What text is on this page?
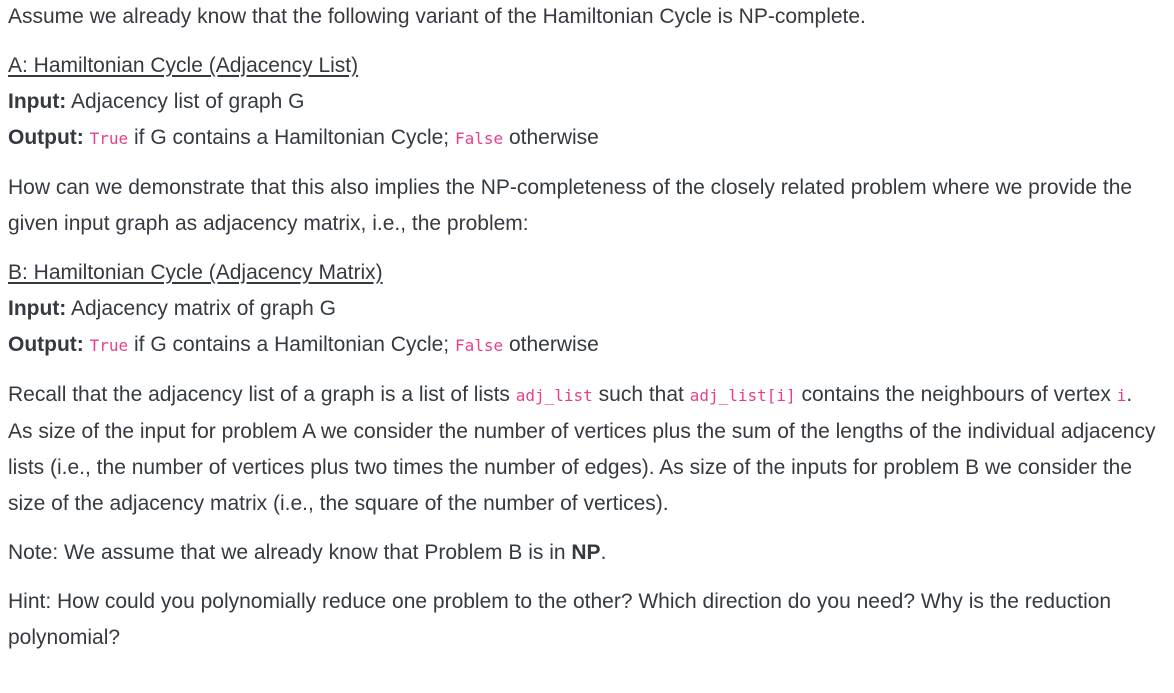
Assume we already know that the following variant of the Hamiltonian Cycle is NP-complete.

A: Hamiltonian Cycle (Adjacency List)

Input: Adjacency list of graph G

Output: True if G contains a Hamiltonian Cycle; False otherwise

How can we demonstrate that this also implies the NP-completeness of the closely related problem where we provide the given input graph as adjacency matrix, i.e., the problem:

B: Hamiltonian Cycle (Adjacency Matrix)

Input: Adjacency matrix of graph G

Output: True if G contains a Hamiltonian Cycle; False otherwise

Recall that the adjacency list of a graph is a list of lists adj_list such that adj_list[i] contains the neighbours of vertex i. As size of the input for problem A we consider the number of vertices plus the sum of the lengths of the individual adjacency lists (i.e., the number of vertices plus two times the number of edges). As size of the inputs for problem B we consider the size of the adjacency matrix (i.e., the square of the number of vertices).

Note: We assume that we already know that Problem B is in NP.

Hint: How could you polynomially reduce one problem to the other? Which direction do you need? Why is the reduction polynomial?
